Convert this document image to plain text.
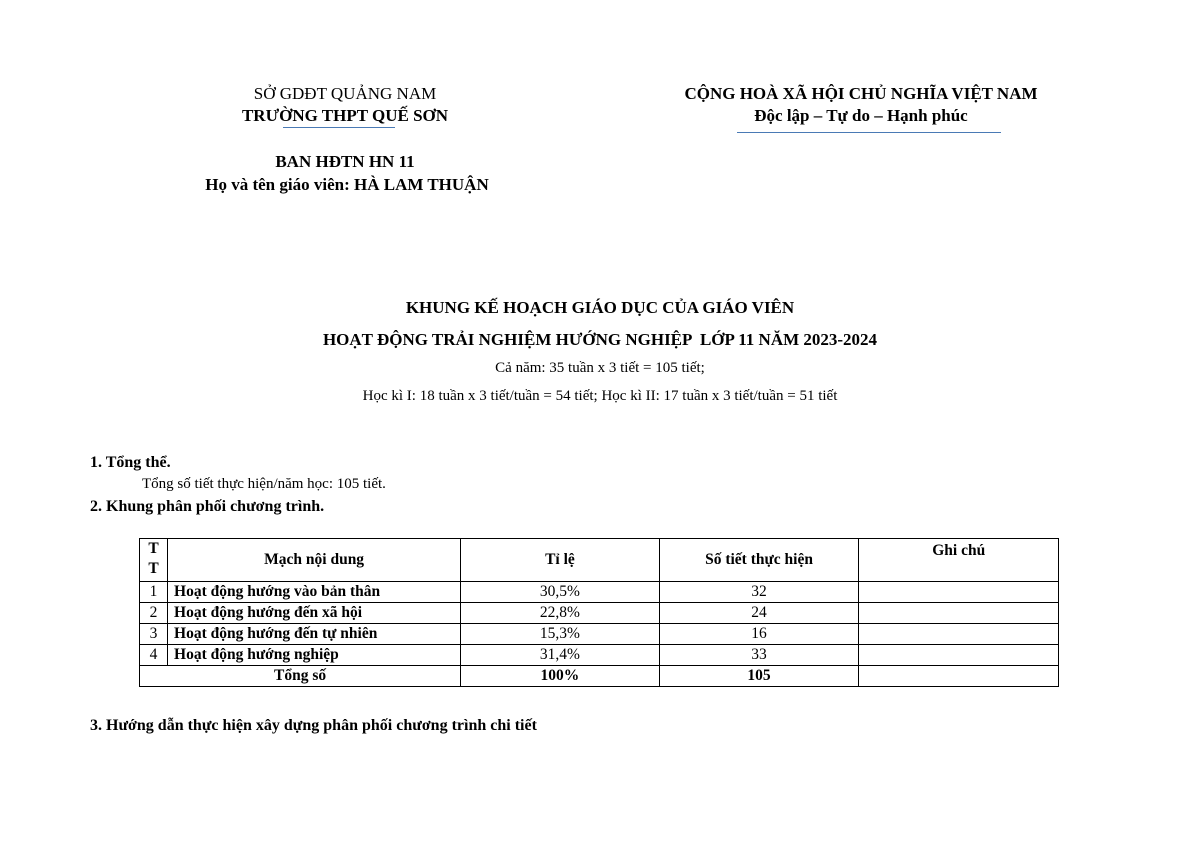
SỞ GDĐT QUẢNG NAM
TRƯỜNG THPT QUẾ SƠN
CỘNG HOÀ XÃ HỘI CHỦ NGHĨA VIỆT NAM
Độc lập – Tự do – Hạnh phúc
BAN HĐTN HN 11
Họ và tên giáo viên: HÀ LAM THUẬN
KHUNG KẾ HOẠCH GIÁO DỤC CỦA GIÁO VIÊN
HOẠT ĐỘNG TRẢI NGHIỆM HƯỚNG NGHIỆP  LỚP 11 NĂM 2023-2024
Cả năm: 35 tuần x 3 tiết = 105 tiết;
Học kì I: 18 tuần x 3 tiết/tuần = 54 tiết; Học kì II: 17 tuần x 3 tiết/tuần = 51 tiết
1. Tổng thể.
Tổng số tiết thực hiện/năm học: 105 tiết.
2. Khung phân phối chương trình.
T
T	Mạch nội dung	Tỉ lệ	Số tiết thực hiện	Ghi chú
1	Hoạt động hướng vào bản thân	30,5%	32	
2	Hoạt động hướng đến xã hội	22,8%	24	
3	Hoạt động hướng đến tự nhiên	15,3%	16	
4	Hoạt động hướng nghiệp	31,4%	33	
Tổng số		100%	105	
3. Hướng dẫn thực hiện xây dựng phân phối chương trình chi tiết
